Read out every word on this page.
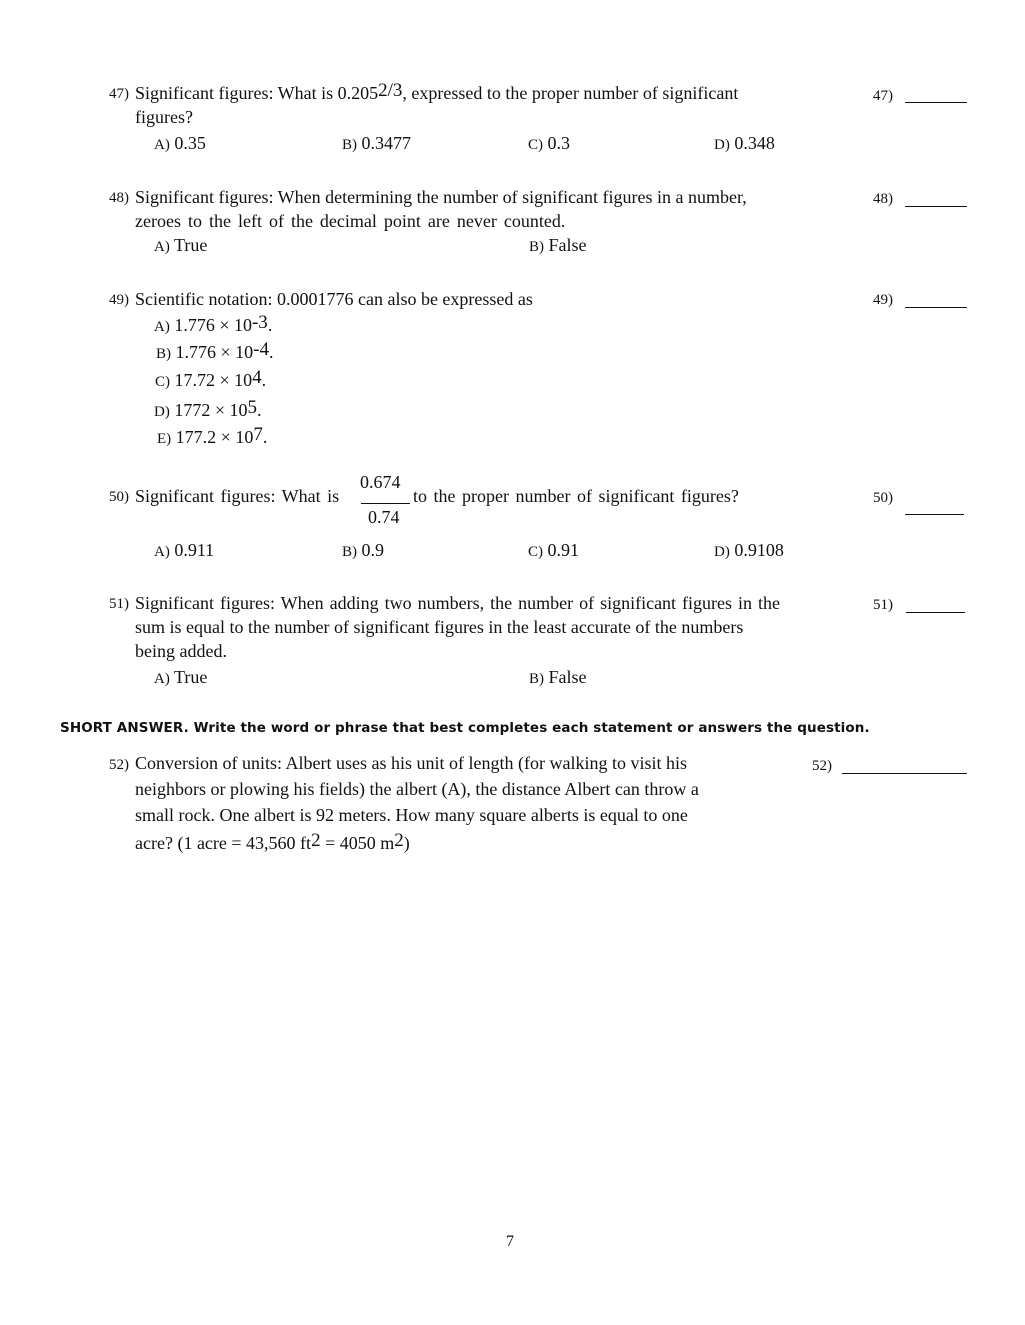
47) Significant figures: What is $0.205^{2/3}$, expressed to the proper number of significant
figures?
47)
A) 0.35	B) 0.3477	C) 0.3	D) 0.348
48) Significant figures: When determining the number of significant figures in a number,
zeroes to the left of the decimal point are never counted.
48)
A) True	B) False
49) Scientific notation: 0.0001776 can also be expressed as	49)
A) $1.776 \times 10^{-3}$.
B) $1.776 \times 10^{-4}$.
C) $17.72 \times 10^4$.
D) $1772 \times 10^5$.
E) $177.2 \times 10^7$.
50) Significant figures: What is
0.674
0.74
to the proper number of significant figures?	50)
A) 0.911	B) 0.9	C) 0.91	D) 0.9108
51) Significant figures: When adding two numbers, the number of significant figures in the
sum is equal to the number of significant figures in the least accurate of the numbers
being added.
51)
A) True	B) False
SHORT ANSWER. Write the word or phrase that best completes each statement or answers the question.
52) Conversion of units: Albert uses as his unit of length (for walking to visit his
neighbors or plowing his fields) the albert (A), the distance Albert can throw a
small rock. One albert is 92 meters. How many square alberts is equal to one
acre? (1 acre = 43,560 $ft^2 = 4050$ $m^2$)
52)
7
